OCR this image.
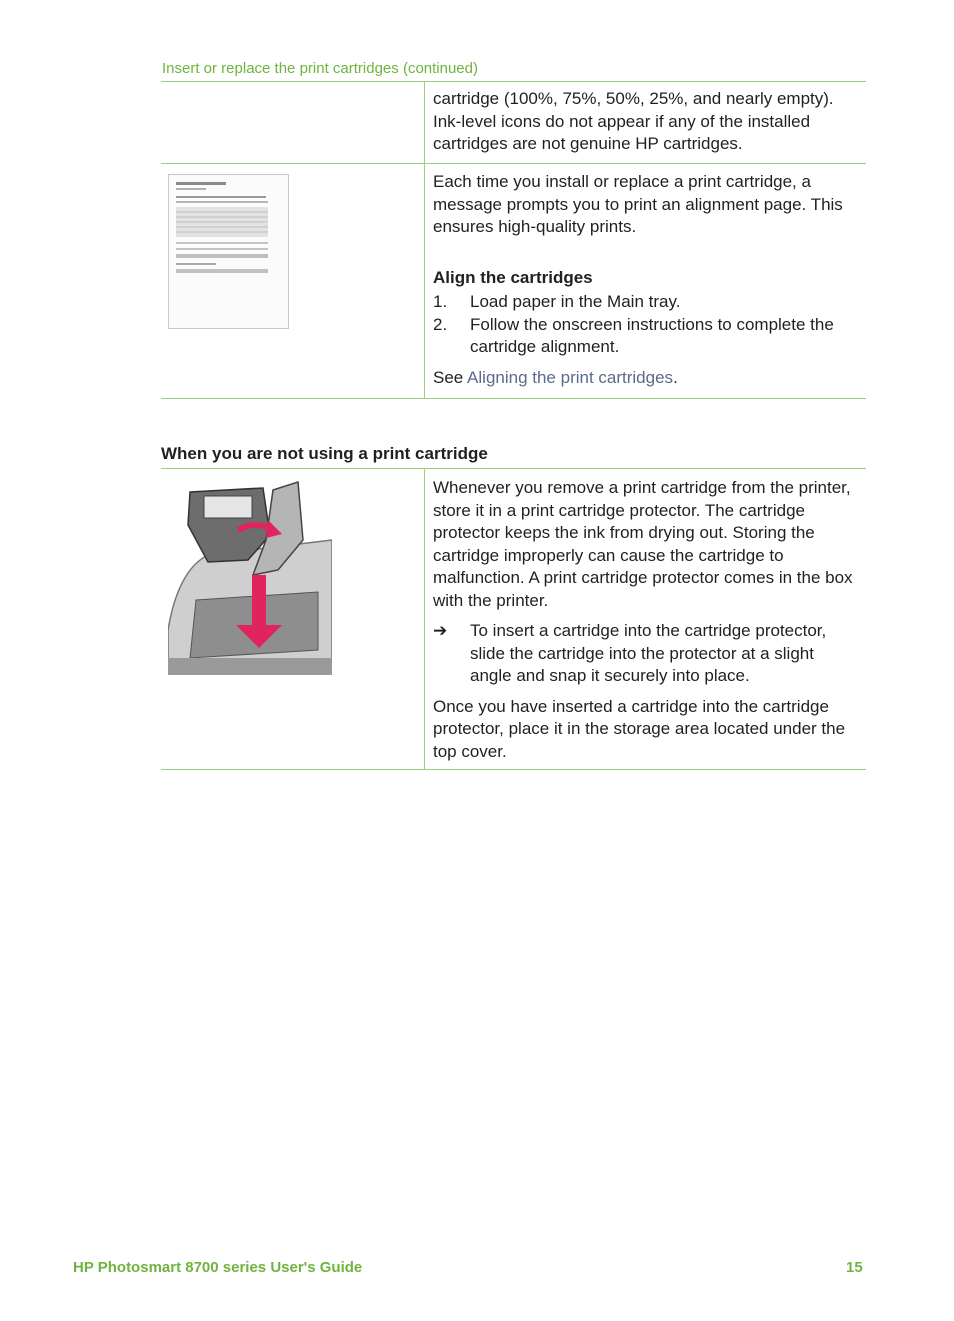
Insert or replace the print cartridges (continued)

cartridge (100%, 75%, 50%, 25%, and nearly empty). Ink-level icons do not appear if any of the installed cartridges are not genuine HP cartridges.

Each time you install or replace a print cartridge, a message prompts you to print an alignment page. This ensures high-quality prints.

Align the cartridges

1.	Load paper in the Main tray.
2.	Follow the onscreen instructions to complete the cartridge alignment.

See Aligning the print cartridges.

When you are not using a print cartridge

Whenever you remove a print cartridge from the printer, store it in a print cartridge protector. The cartridge protector keeps the ink from drying out. Storing the cartridge improperly can cause the cartridge to malfunction. A print cartridge protector comes in the box with the printer.

➔	To insert a cartridge into the cartridge protector, slide the cartridge into the protector at a slight angle and snap it securely into place.

Once you have inserted a cartridge into the cartridge protector, place it in the storage area located under the top cover.

HP Photosmart 8700 series User's Guide	15
